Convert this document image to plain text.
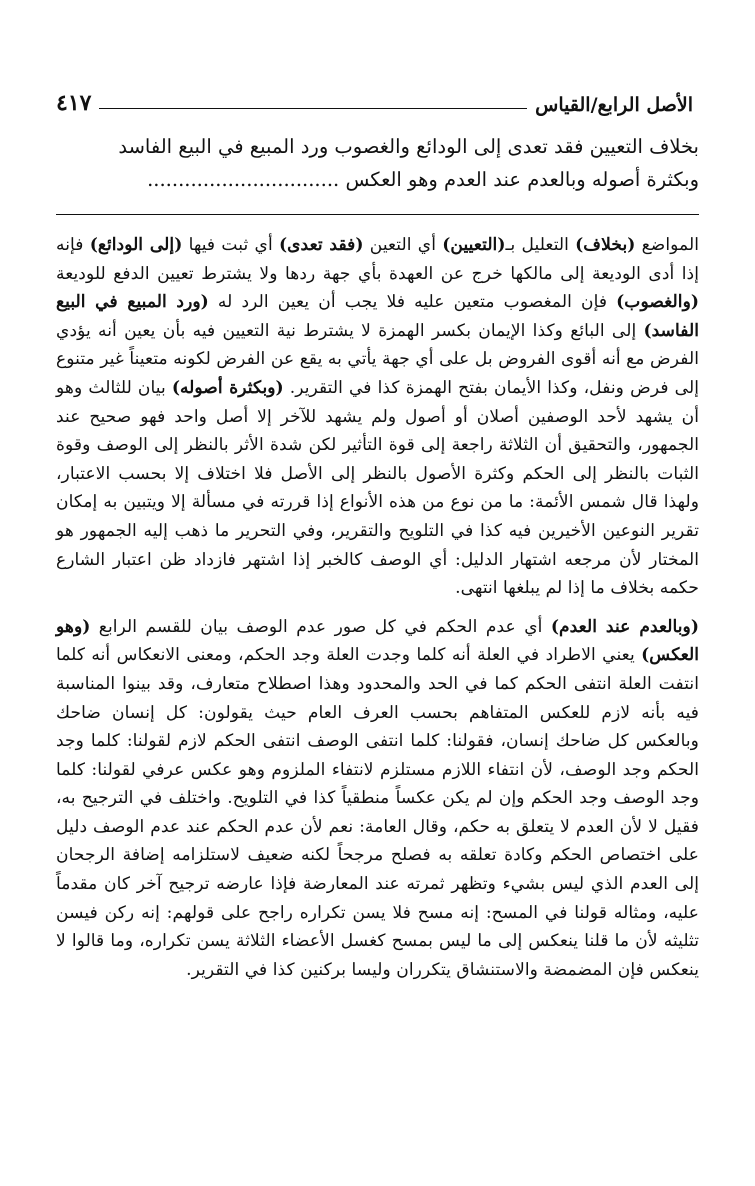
الأصل الرابع/القياس
٤١٧

بخلاف التعيين فقد تعدى إلى الودائع والغصوب ورد المبيع في البيع الفاسد

وبكثرة أصوله وبالعدم عند العدم وهو العكس ...............................

المواضع (بخلاف) التعليل بـ(التعيين) أي التعين (فقد تعدى) أي ثبت فيها (إلى الودائع) فإنه إذا أدى الوديعة إلى مالكها خرج عن العهدة بأي جهة ردها ولا يشترط تعيين الدفع للوديعة (والغصوب) فإن المغصوب متعين عليه فلا يجب أن يعين الرد له (ورد المبيع في البيع الفاسد) إلى البائع وكذا الإيمان بكسر الهمزة لا يشترط نية التعيين فيه بأن يعين أنه يؤدي الفرض مع أنه أقوى الفروض بل على أي جهة يأتي به يقع عن الفرض لكونه متعيناً غير متنوع إلى فرض ونفل، وكذا الأيمان بفتح الهمزة كذا في التقرير. (وبكثرة أصوله) بيان للثالث وهو أن يشهد لأحد الوصفين أصلان أو أصول ولم يشهد للآخر إلا أصل واحد فهو صحيح عند الجمهور، والتحقيق أن الثلاثة راجعة إلى قوة التأثير لكن شدة الأثر بالنظر إلى الوصف وقوة الثبات بالنظر إلى الحكم وكثرة الأصول بالنظر إلى الأصل فلا اختلاف إلا بحسب الاعتبار، ولهذا قال شمس الأئمة: ما من نوع من هذه الأنواع إذا قررته في مسألة إلا ويتبين به إمكان تقرير النوعين الأخيرين فيه كذا في التلويح والتقرير، وفي التحرير ما ذهب إليه الجمهور هو المختار لأن مرجعه اشتهار الدليل: أي الوصف كالخبر إذا اشتهر فازداد ظن اعتبار الشارع حكمه بخلاف ما إذا لم يبلغها انتهى.

(وبالعدم عند العدم) أي عدم الحكم في كل صور عدم الوصف بيان للقسم الرابع (وهو العكس) يعني الاطراد في العلة أنه كلما وجدت العلة وجد الحكم، ومعنى الانعكاس أنه كلما انتفت العلة انتفى الحكم كما في الحد والمحدود وهذا اصطلاح متعارف، وقد بينوا المناسبة فيه بأنه لازم للعكس المتفاهم بحسب العرف العام حيث يقولون: كل إنسان ضاحك وبالعكس كل ضاحك إنسان، فقولنا: كلما انتفى الوصف انتفى الحكم لازم لقولنا: كلما وجد الحكم وجد الوصف، لأن انتفاء اللازم مستلزم لانتفاء الملزوم وهو عكس عرفي لقولنا: كلما وجد الوصف وجد الحكم وإن لم يكن عكساً منطقياً كذا في التلويح. واختلف في الترجيح به، فقيل لا لأن العدم لا يتعلق به حكم، وقال العامة: نعم لأن عدم الحكم عند عدم الوصف دليل على اختصاص الحكم وكادة تعلقه به فصلح مرجحاً لكنه ضعيف لاستلزامه إضافة الرجحان إلى العدم الذي ليس بشيء وتظهر ثمرته عند المعارضة فإذا عارضه ترجيح آخر كان مقدماً عليه، ومثاله قولنا في المسح: إنه مسح فلا يسن تكراره راجح على قولهم: إنه ركن فيسن تثليثه لأن ما قلنا ينعكس إلى ما ليس بمسح كغسل الأعضاء الثلاثة يسن تكراره، وما قالوا لا ينعكس فإن المضمضة والاستنشاق يتكرران وليسا بركنين كذا في التقرير.
